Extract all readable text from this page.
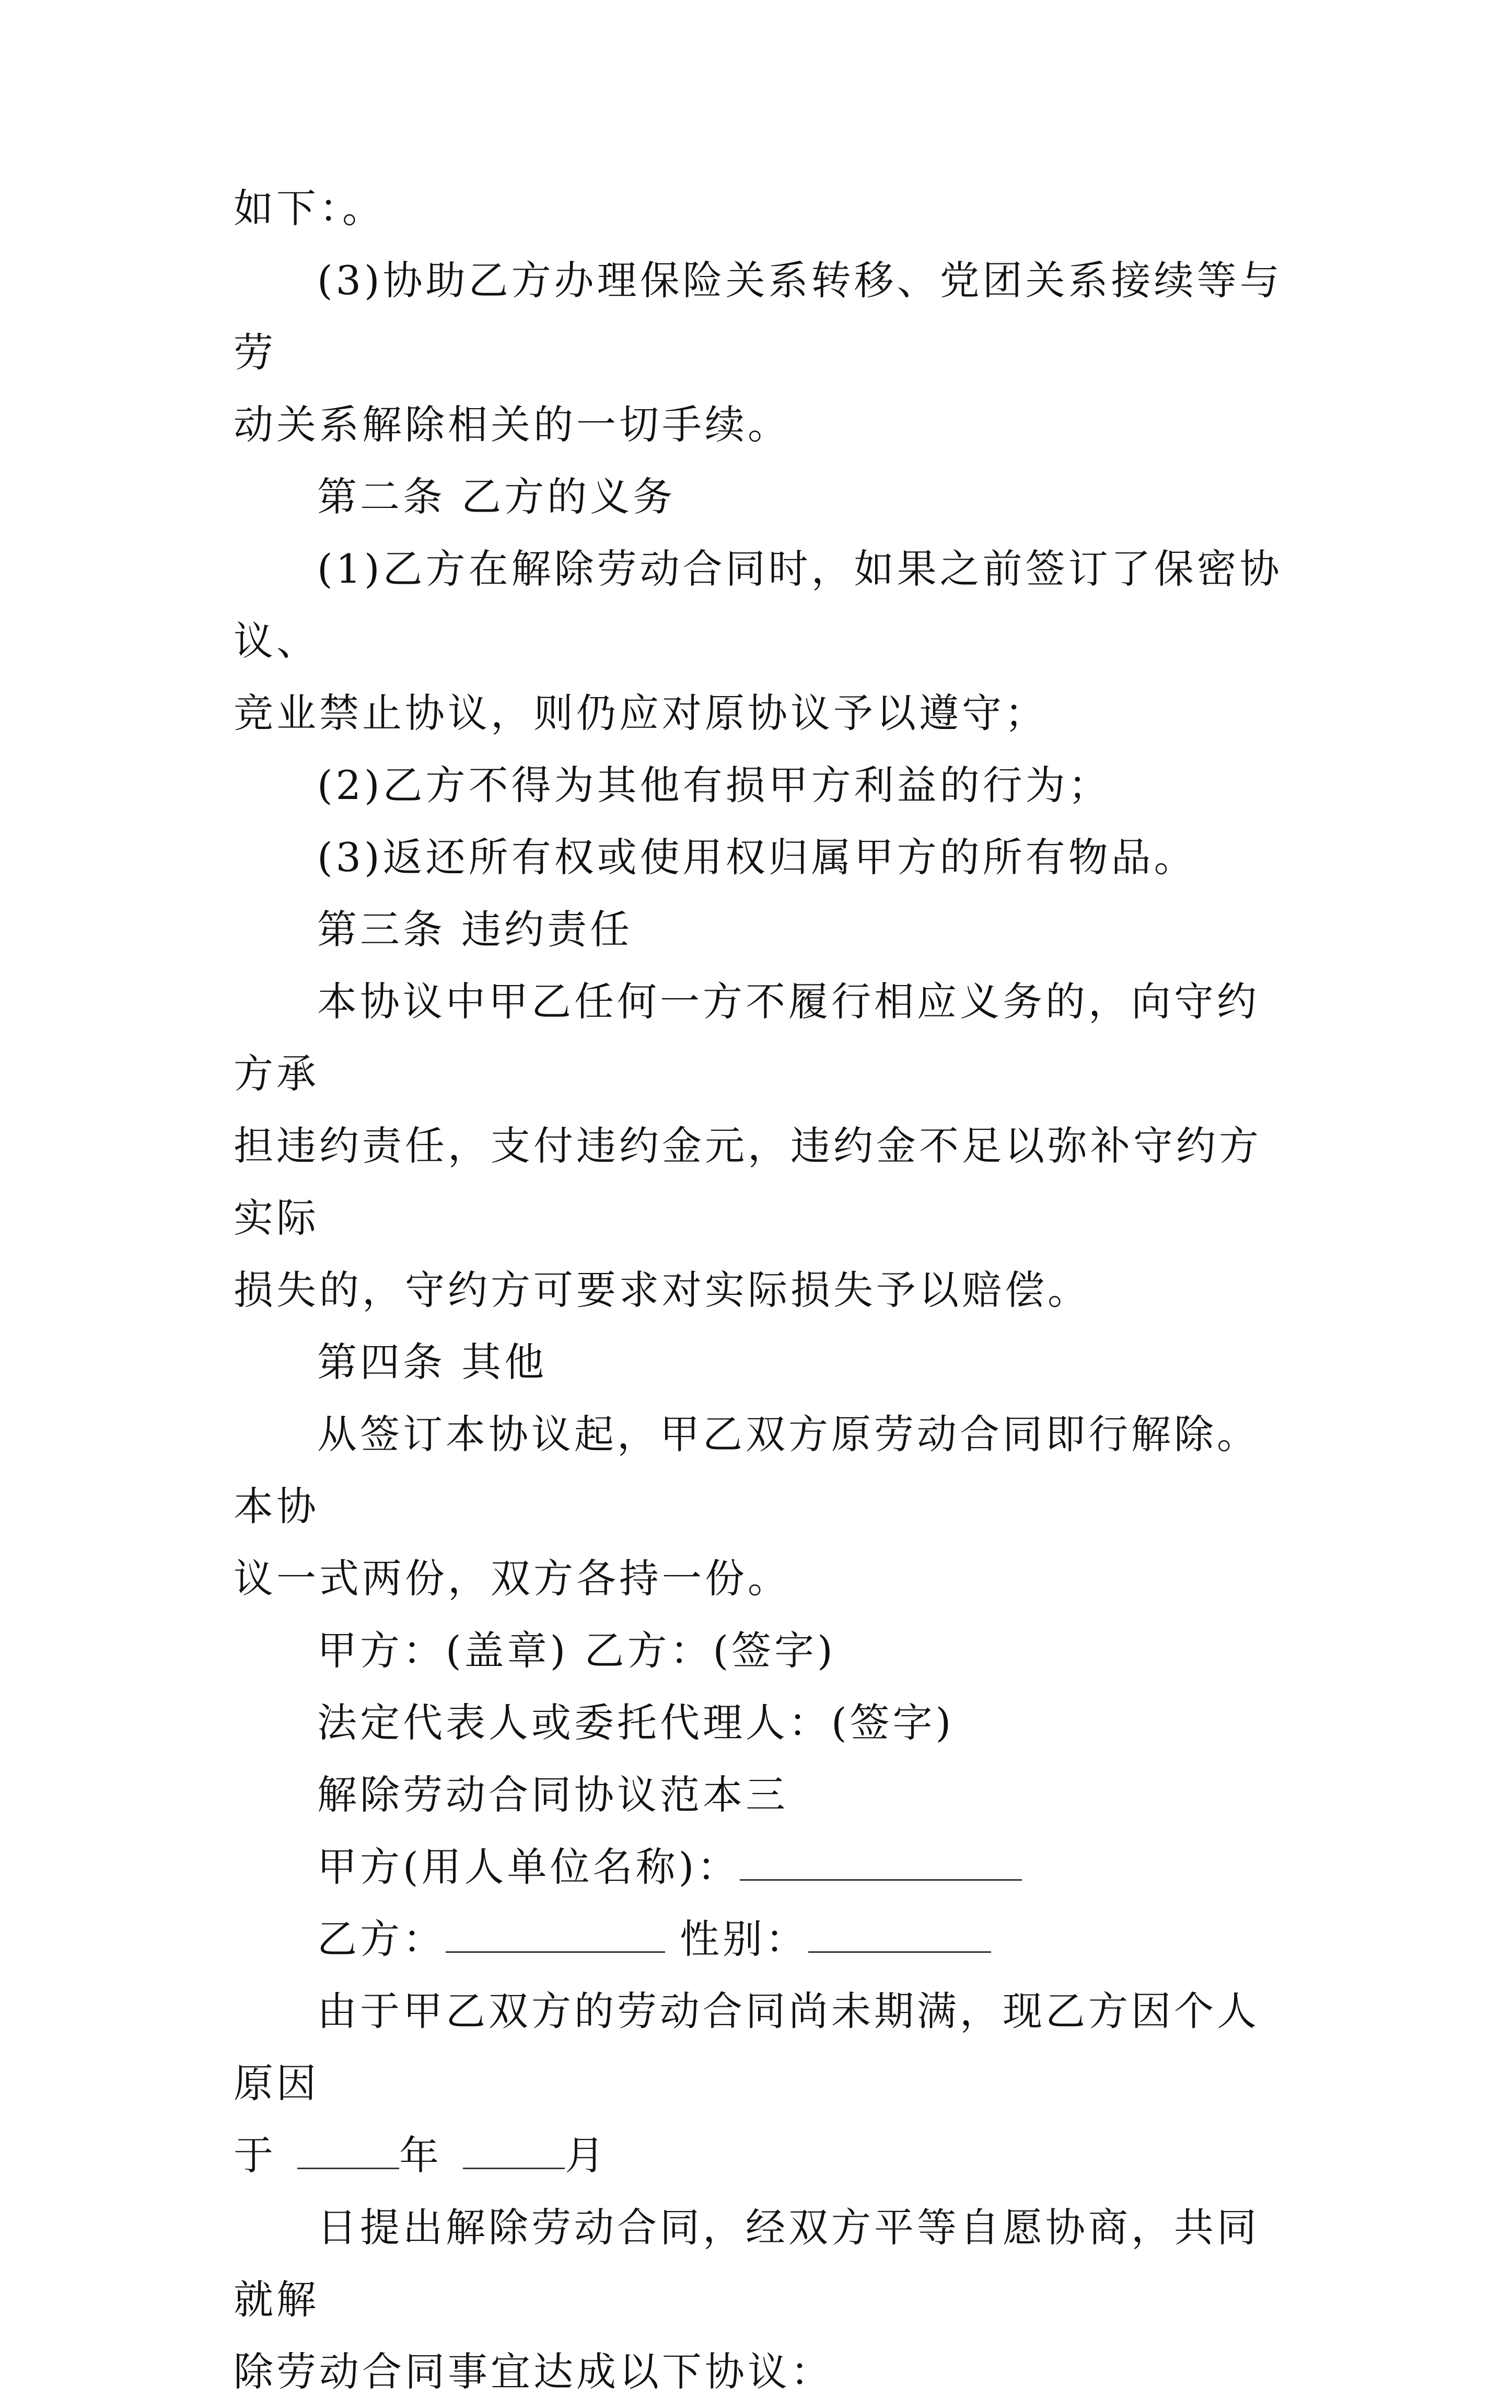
如下：。

(3)协助乙方办理保险关系转移、党团关系接续等与劳

动关系解除相关的一切手续。

第二条 乙方的义务

(1)乙方在解除劳动合同时，如果之前签订了保密协议、

竞业禁止协议，则仍应对原协议予以遵守；

(2)乙方不得为其他有损甲方利益的行为；

(3)返还所有权或使用权归属甲方的所有物品。

第三条 违约责任

本协议中甲乙任何一方不履行相应义务的，向守约方承

担违约责任，支付违约金元，违约金不足以弥补守约方实际

损失的，守约方可要求对实际损失予以赔偿。

第四条 其他

从签订本协议起，甲乙双方原劳动合同即行解除。本协

议一式两份，双方各持一份。

甲方：(盖章) 乙方：(签字)

法定代表人或委托代理人：(签字)

解除劳动合同协议范本三

甲方(用人单位名称)：

乙方：	性别：

由于甲乙双方的劳动合同尚未期满，现乙方因个人原因

于	年	月

日提出解除劳动合同，经双方平等自愿协商，共同就解

除劳动合同事宜达成以下协议：
